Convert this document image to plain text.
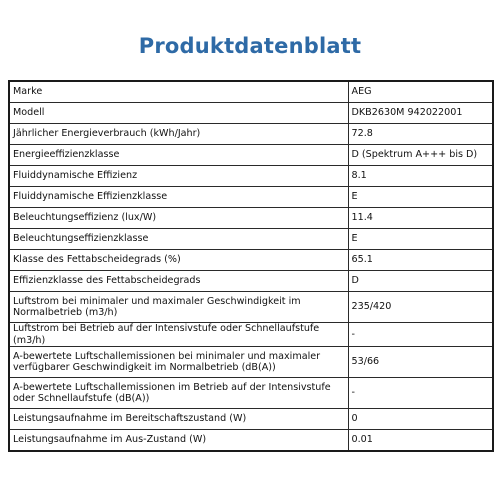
Produktdatenblatt
Marke	AEG
Modell	DKB2630M 942022001
Jährlicher Energieverbrauch (kWh/Jahr)	72.8
Energieeffizienzklasse	D (Spektrum A+++ bis D)
Fluiddynamische Effizienz	8.1
Fluiddynamische Effizienzklasse	E
Beleuchtungseffizienz (lux/W)	11.4
Beleuchtungseffizienzklasse	E
Klasse des Fettabscheidegrads (%)	65.1
Effizienzklasse des Fettabscheidegrads	D
Luftstrom bei minimaler und maximaler Geschwindigkeit im Normalbetrieb (m3/h)	235/420
Luftstrom bei Betrieb auf der Intensivstufe oder Schnellaufstufe (m3/h)	-
A-bewertete Luftschallemissionen bei minimaler und maximaler verfügbarer Geschwindigkeit im Normalbetrieb (dB(A))	53/66
A-bewertete Luftschallemissionen im Betrieb auf der Intensivstufe oder Schnellaufstufe (dB(A))	-
Leistungsaufnahme im Bereitschaftszustand (W)	0
Leistungsaufnahme im Aus-Zustand (W)	0.01
